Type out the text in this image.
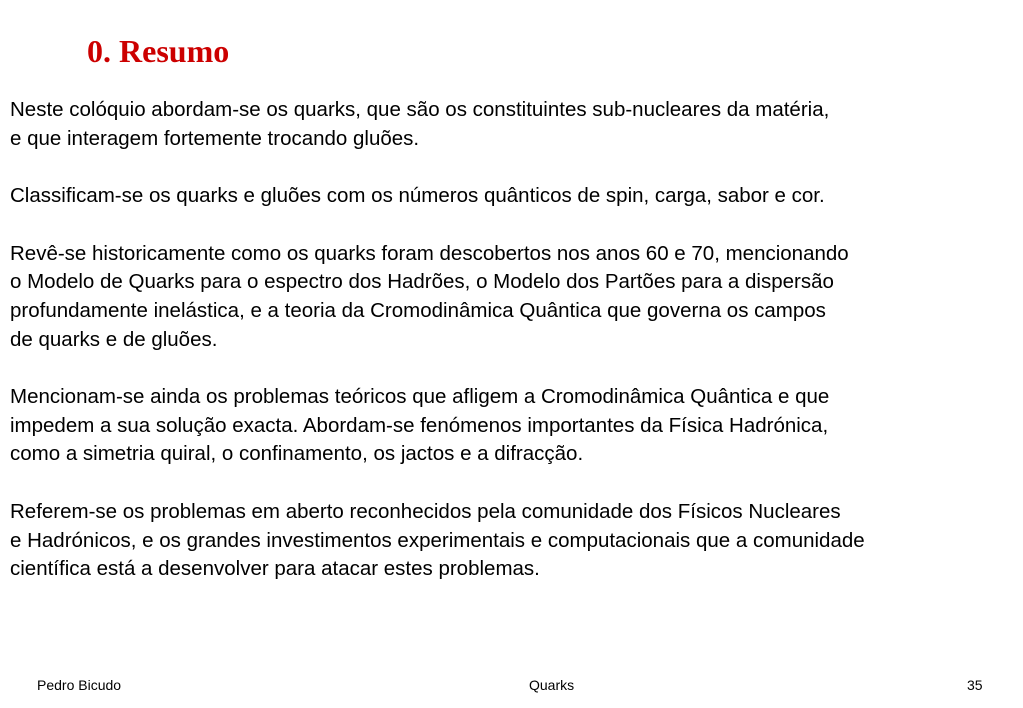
0. Resumo

Neste colóquio abordam-se os quarks, que são os constituintes sub-nucleares da matéria,
e que interagem fortemente trocando gluões.

Classificam-se os quarks e gluões com os números quânticos de spin, carga, sabor e cor.

Revê-se historicamente como os quarks foram descobertos nos anos 60 e 70, mencionando
o Modelo de Quarks para o espectro dos Hadrões, o Modelo dos Partões para a dispersão
profundamente inelástica, e a teoria da Cromodinâmica Quântica que governa os campos
de quarks e de gluões.

Mencionam-se ainda os problemas teóricos que afligem a Cromodinâmica Quântica e que
impedem a sua solução exacta. Abordam-se fenómenos importantes da Física Hadrónica,
como a simetria quiral, o confinamento, os jactos e a difracção.

Referem-se os problemas em aberto reconhecidos pela comunidade dos Físicos Nucleares
e Hadrónicos, e os grandes investimentos experimentais e computacionais que a comunidade
científica está a desenvolver para atacar estes problemas.

Pedro Bicudo	Quarks	35
